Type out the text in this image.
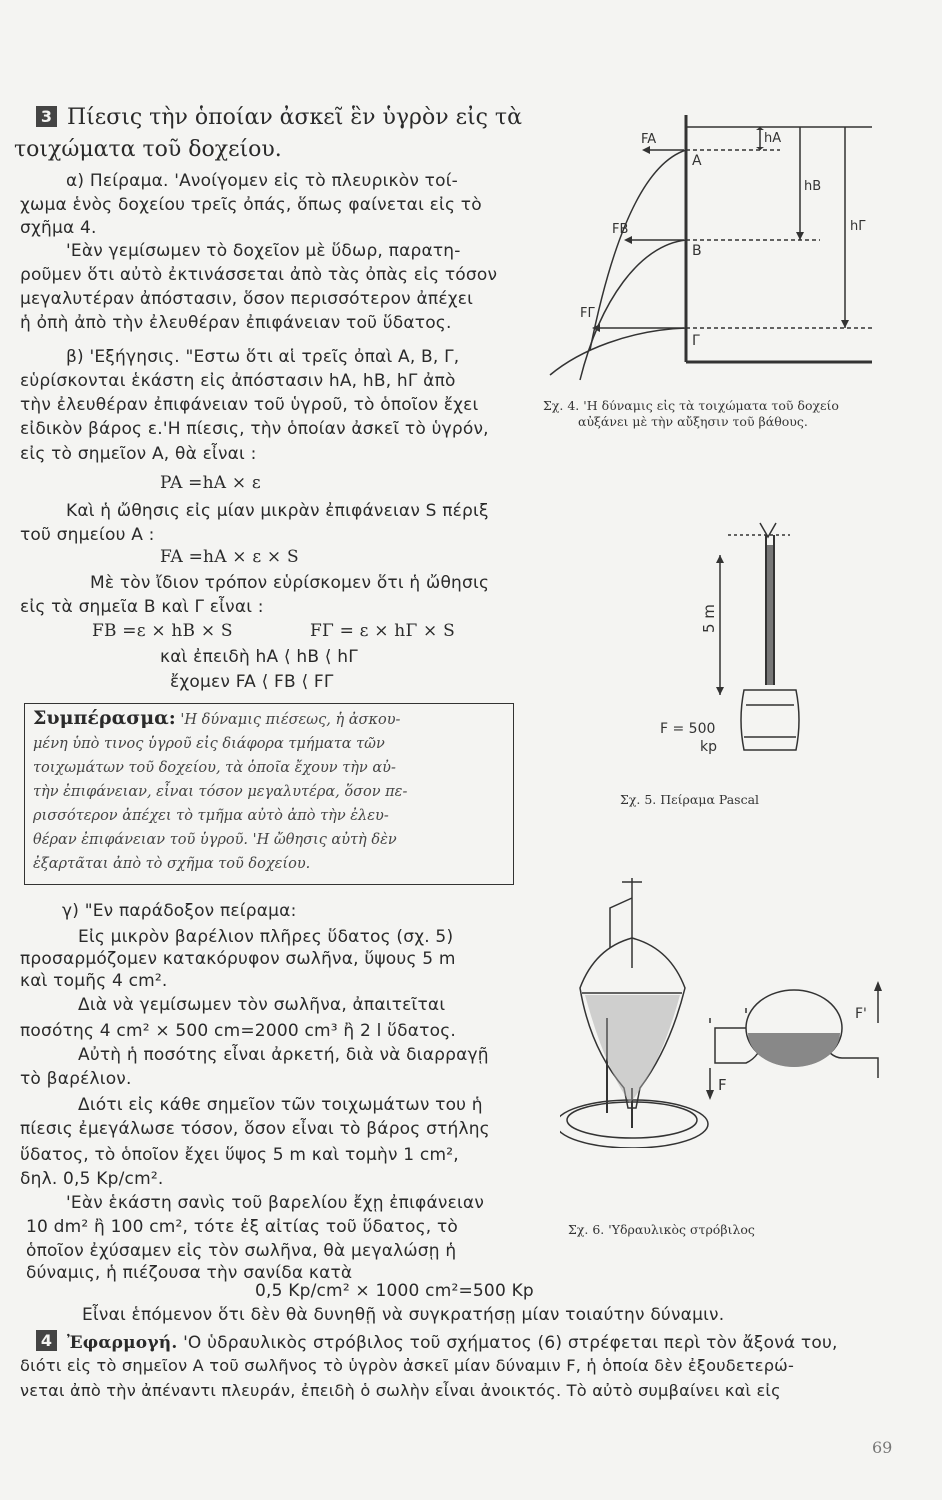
3 Πίεσις τὴν ὁποίαν ἀσκεῖ ἓν ὑγρὸν εἰς τὰ
τοιχώματα τοῦ δοχείου.
α) Πείραμα. 'Ανοίγομεν εἰς τὸ πλευρικὸν τοί-
χωμα ἑνὸς δοχείου τρεῖς ὀπάς, ὅπως φαίνεται εἰς τὸ
σχῆμα 4.
'Εὰν γεμίσωμεν τὸ δοχεῖον μὲ ὕδωρ, παρατη-
ροῦμεν ὅτι αὐτὸ ἐκτινάσσεται ἀπὸ τὰς ὀπὰς εἰς τόσον
μεγαλυτέραν ἀπόστασιν, ὅσον περισσότερον ἀπέχει
ἡ ὀπὴ ἀπὸ τὴν ἐλευθέραν ἐπιφάνειαν τοῦ ὕδατος.
β) 'Εξήγησις. "Εστω ὅτι αἱ τρεῖς ὀπαὶ Α, Β, Γ,
εὑρίσκονται ἑκάστη εἰς ἀπόστασιν hA, hB, hΓ ἀπὸ
τὴν ἐλευθέραν ἐπιφάνειαν τοῦ ὑγροῦ, τὸ ὁποῖον ἔχει
εἰδικὸν βάρος ε.'Η πίεσις, τὴν ὁποίαν ἀσκεῖ τὸ ὑγρόν,
εἰς τὸ σημεῖον Α, θὰ εἶναι :
PA =hA × ε
Καὶ ἡ ὤθησις εἰς μίαν μικρὰν ἐπιφάνειαν S πέριξ
τοῦ σημείου Α :
FA =hA × ε × S
Μὲ τὸν ἴδιον τρόπον εὑρίσκομεν ὅτι ἡ ὤθησις
εἰς τὰ σημεῖα Β καὶ Γ εἶναι :
FB =ε × hB × S	FΓ = ε × hΓ × S
καὶ ἐπειδὴ hA ⟨ hB ⟨ hΓ
ἔχομεν FA ⟨ FB ⟨ FΓ
Συμπέρασμα: 'Η δύναμις πιέσεως, ἡ ἀσκου-
μένη ὑπὸ τινος ὑγροῦ εἰς διάφορα τμήματα τῶν
τοιχωμάτων τοῦ δοχείου, τὰ ὁποῖα ἔχουν τὴν αὐ-
τὴν ἐπιφάνειαν, εἶναι τόσον μεγαλυτέρα, ὅσον πε-
ρισσότερον ἀπέχει τὸ τμῆμα αὐτὸ ἀπὸ τὴν ἐλευ-
θέραν ἐπιφάνειαν τοῦ ὑγροῦ. 'Η ὤθησις αὐτὴ δὲν
ἐξαρτᾶται ἀπὸ τὸ σχῆμα τοῦ δοχείου.
γ) "Εν παράδοξον πείραμα:
Εἰς μικρὸν βαρέλιον πλῆρες ὕδατος (σχ. 5)
προσαρμόζομεν κατακόρυφον σωλῆνα, ὕψους 5 m
καὶ τομῆς 4 cm².
Διὰ νὰ γεμίσωμεν τὸν σωλῆνα, ἀπαιτεῖται
ποσότης 4 cm² × 500 cm=2000 cm³ ἢ 2 l ὕδατος.
Αὐτὴ ἡ ποσότης εἶναι ἀρκετή, διὰ νὰ διαρραγῇ
τὸ βαρέλιον.
Διότι εἰς κάθε σημεῖον τῶν τοιχωμάτων του ἡ
πίεσις ἐμεγάλωσε τόσον, ὅσον εἶναι τὸ βάρος στήλης
ὕδατος, τὸ ὁποῖον ἔχει ὕψος 5 m καὶ τομὴν 1 cm²,
δηλ. 0,5 Kp/cm².
'Εὰν ἑκάστη σανὶς τοῦ βαρελίου ἔχῃ ἐπιφάνειαν
10 dm² ἢ 100 cm², τότε ἐξ αἰτίας τοῦ ὕδατος, τὸ
ὁποῖον ἐχύσαμεν εἰς τὸν σωλῆνα, θὰ μεγαλώσῃ ἡ
δύναμις, ἡ πιέζουσα τὴν σανίδα κατὰ
0,5 Kp/cm² × 1000 cm²=500 Kp
Εἶναι ἑπόμενον ὅτι δὲν θὰ δυνηθῇ νὰ συγκρατήσῃ μίαν τοιαύτην δύναμιν.
4 Ἐφαρμογή. 'Ο ὑδραυλικὸς στρόβιλος τοῦ σχήματος (6) στρέφεται περὶ τὸν ἄξονά του,
διότι εἰς τὸ σημεῖον Α τοῦ σωλῆνος τὸ ὑγρὸν ἀσκεῖ μίαν δύναμιν F, ἡ ὁποία δὲν ἐξουδετερώ-
νεται ἀπὸ τὴν ἀπέναντι πλευράν, ἐπειδὴ ὁ σωλὴν εἶναι ἀνοικτός. Τὸ αὐτὸ συμβαίνει καὶ εἰς
FA
FB
FΓ
A
B
Γ
hA
hB
hΓ
Σχ. 4. 'Η δύναμις εἰς τὰ τοιχώματα τοῦ δοχείο
αὐξάνει μὲ τὴν αὔξησιν τοῦ βάθους.
5 m
F = 500
kp
Σχ. 5. Πείραμα Pascal
F
F'
Σχ. 6. 'Υδραυλικὸς στρόβιλος
69
